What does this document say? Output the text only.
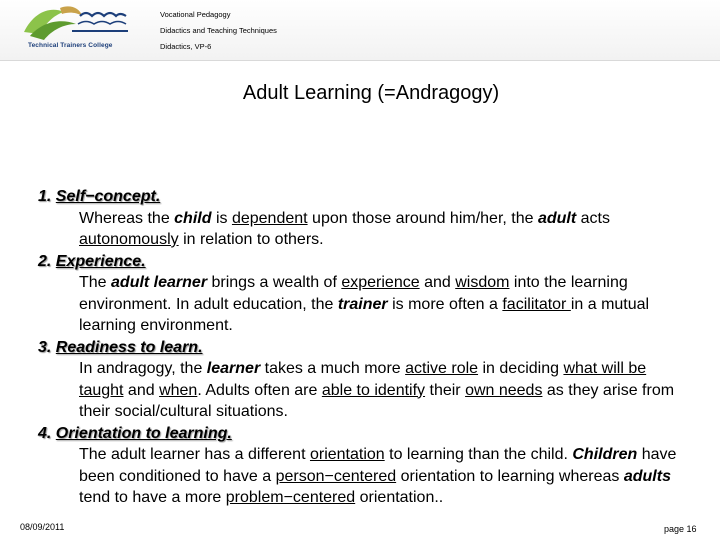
Technical Trainers College
Vocational Pedagogy
Didactics and Teaching Techniques
Didactics, VP-6
Adult Learning (=Andragogy)
1. Self−concept.
Whereas the child is dependent upon those around him/her, the adult acts autonomously in relation to others.
2. Experience.
The adult learner brings a wealth of experience and wisdom into the learning environment. In adult education, the trainer is more often a facilitator in a mutual learning environment.
3. Readiness to learn.
In andragogy, the learner takes a much more active role in deciding what will be taught and when. Adults often are able to identify their own needs as they arise from their social/cultural situations.
4. Orientation to learning.
The adult learner has a different orientation to learning than the child. Children have been conditioned to have a person−centered orientation to learning whereas adults tend to have a more problem−centered orientation..
08/09/2011	page 16
